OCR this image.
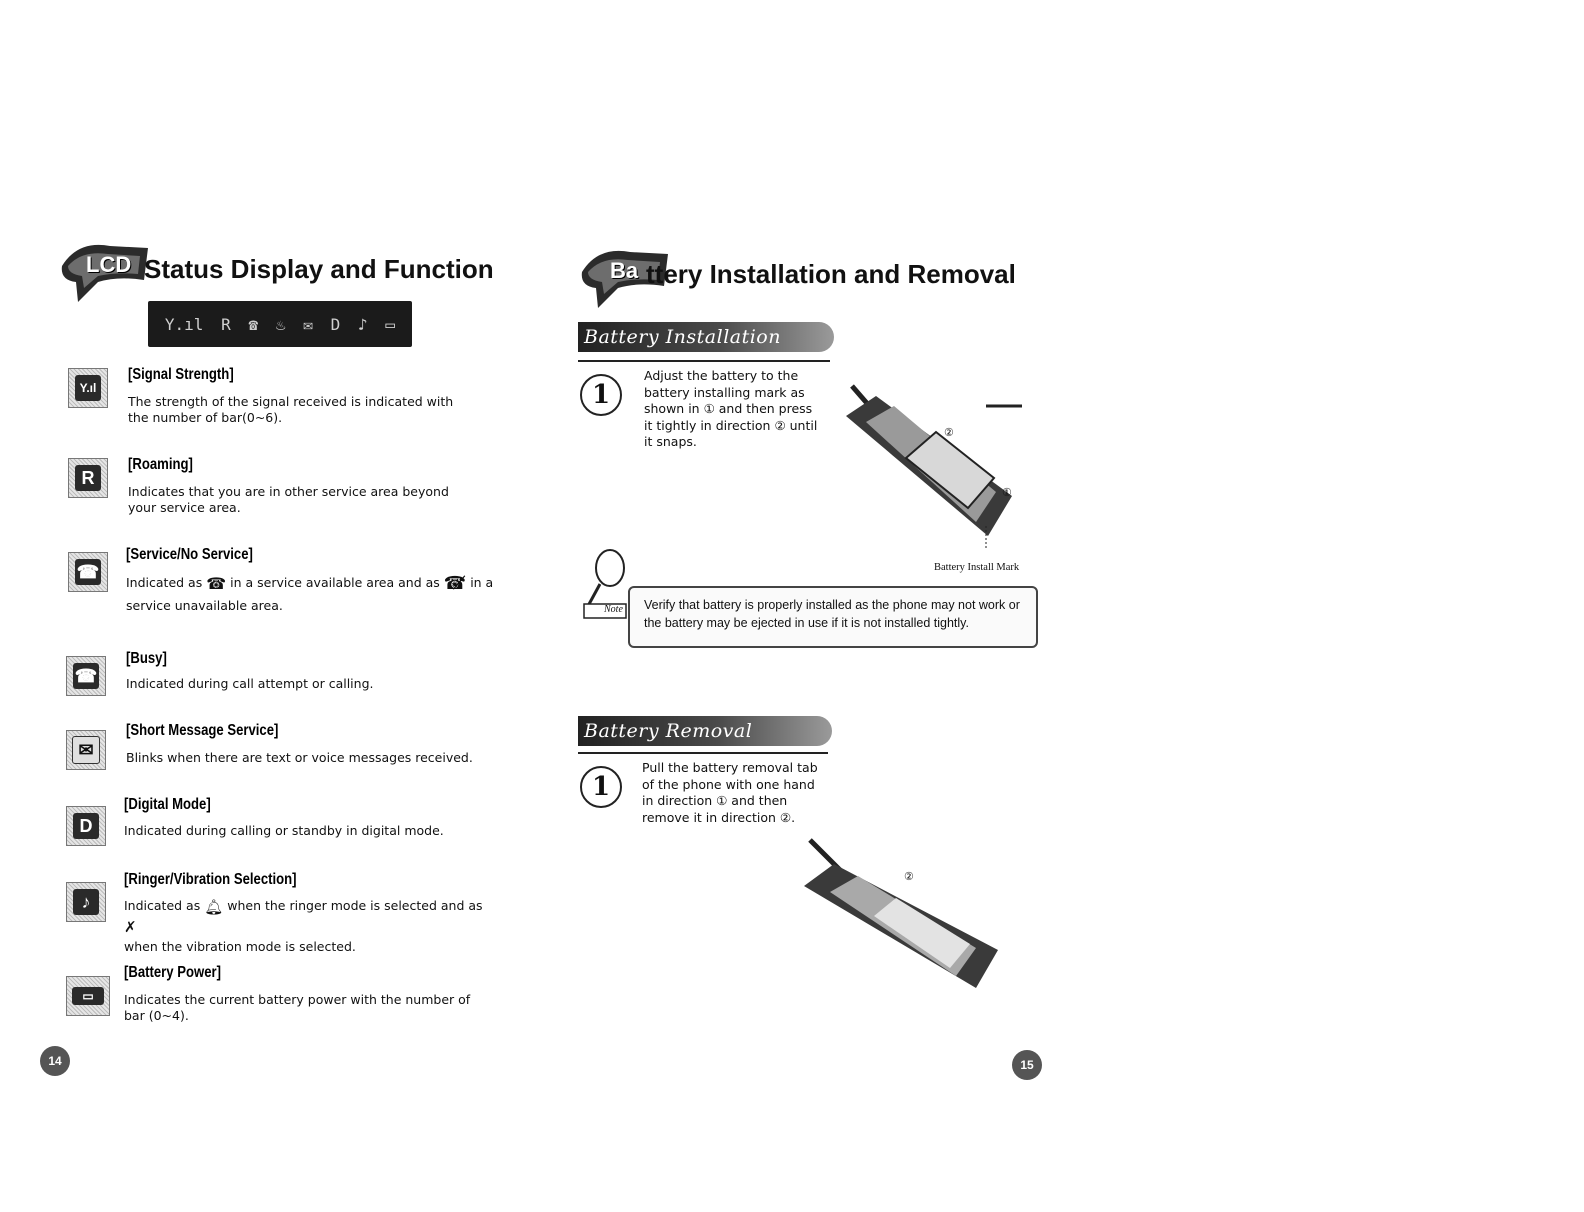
LCD Status Display and Function
Y.ıl R ☎ ♨ ✉ D ♪ ▭
Y.ıl
[Signal Strength]
The strength of the signal received is indicated with the number of bar(0~6).
R
[Roaming]
Indicates that you are in other service area beyond your service area.
☎
[Service/No Service]
Indicated as ☎ in a service available area and as ☎̸ in a
service unavailable area.
☎
[Busy]
Indicated during call attempt or calling.
✉
[Short Message Service]
Blinks when there are text or voice messages received.
D
[Digital Mode]
Indicated during calling or standby in digital mode.
♪
[Ringer/Vibration Selection]
Indicated as 🔔︎ when the ringer mode is selected and as ✗
when the vibration mode is selected.
▭
[Battery Power]
Indicates the current battery power with the number of bar (0~4).
14
Ba ttery Installation and Removal
Battery Installation
1
Adjust the battery to the battery installing mark as shown in ① and then press it tightly in direction ② until it snaps.
②
①
Battery Install Mark
Note Verify that battery is properly installed as the phone may not work or the battery may be ejected in use if it is not installed tightly.
Battery Removal
1
Pull the battery removal tab of the phone with one hand in direction ① and then remove it in direction ②.
②
15
